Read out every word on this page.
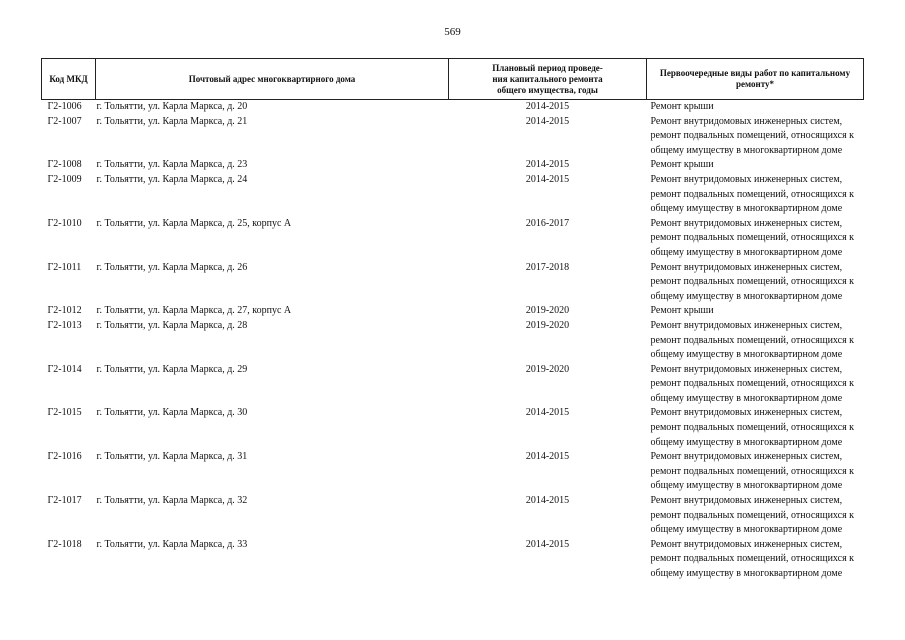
569
Код МКД	Почтовый адрес многоквартирного дома	Плановый период проведе-
ния капитального ремонта
общего имущества, годы	Первоочередные виды работ по капитальному
ремонту*

Г2-1006	г. Тольятти, ул. Карла Маркса, д. 20	2014-2015	Ремонт крыши

Г2-1007	г. Тольятти, ул. Карла Маркса, д. 21	2014-2015	Ремонт внутридомовых инженерных систем,
ремонт подвальных помещений, относящихся к
общему имуществу в многоквартирном доме

Г2-1008	г. Тольятти, ул. Карла Маркса, д. 23	2014-2015	Ремонт крыши

Г2-1009	г. Тольятти, ул. Карла Маркса, д. 24	2014-2015	Ремонт внутридомовых инженерных систем,
ремонт подвальных помещений, относящихся к
общему имуществу в многоквартирном доме

Г2-1010	г. Тольятти, ул. Карла Маркса, д. 25, корпус А	2016-2017	Ремонт внутридомовых инженерных систем,
ремонт подвальных помещений, относящихся к
общему имуществу в многоквартирном доме

Г2-1011	г. Тольятти, ул. Карла Маркса, д. 26	2017-2018	Ремонт внутридомовых инженерных систем,
ремонт подвальных помещений, относящихся к
общему имуществу в многоквартирном доме

Г2-1012	г. Тольятти, ул. Карла Маркса, д. 27, корпус А	2019-2020	Ремонт крыши

Г2-1013	г. Тольятти, ул. Карла Маркса, д. 28	2019-2020	Ремонт внутридомовых инженерных систем,
ремонт подвальных помещений, относящихся к
общему имуществу в многоквартирном доме

Г2-1014	г. Тольятти, ул. Карла Маркса, д. 29	2019-2020	Ремонт внутридомовых инженерных систем,
ремонт подвальных помещений, относящихся к
общему имуществу в многоквартирном доме

Г2-1015	г. Тольятти, ул. Карла Маркса, д. 30	2014-2015	Ремонт внутридомовых инженерных систем,
ремонт подвальных помещений, относящихся к
общему имуществу в многоквартирном доме

Г2-1016	г. Тольятти, ул. Карла Маркса, д. 31	2014-2015	Ремонт внутридомовых инженерных систем,
ремонт подвальных помещений, относящихся к
общему имуществу в многоквартирном доме

Г2-1017	г. Тольятти, ул. Карла Маркса, д. 32	2014-2015	Ремонт внутридомовых инженерных систем,
ремонт подвальных помещений, относящихся к
общему имуществу в многоквартирном доме

Г2-1018	г. Тольятти, ул. Карла Маркса, д. 33	2014-2015	Ремонт внутридомовых инженерных систем,
ремонт подвальных помещений, относящихся к
общему имуществу в многоквартирном доме
